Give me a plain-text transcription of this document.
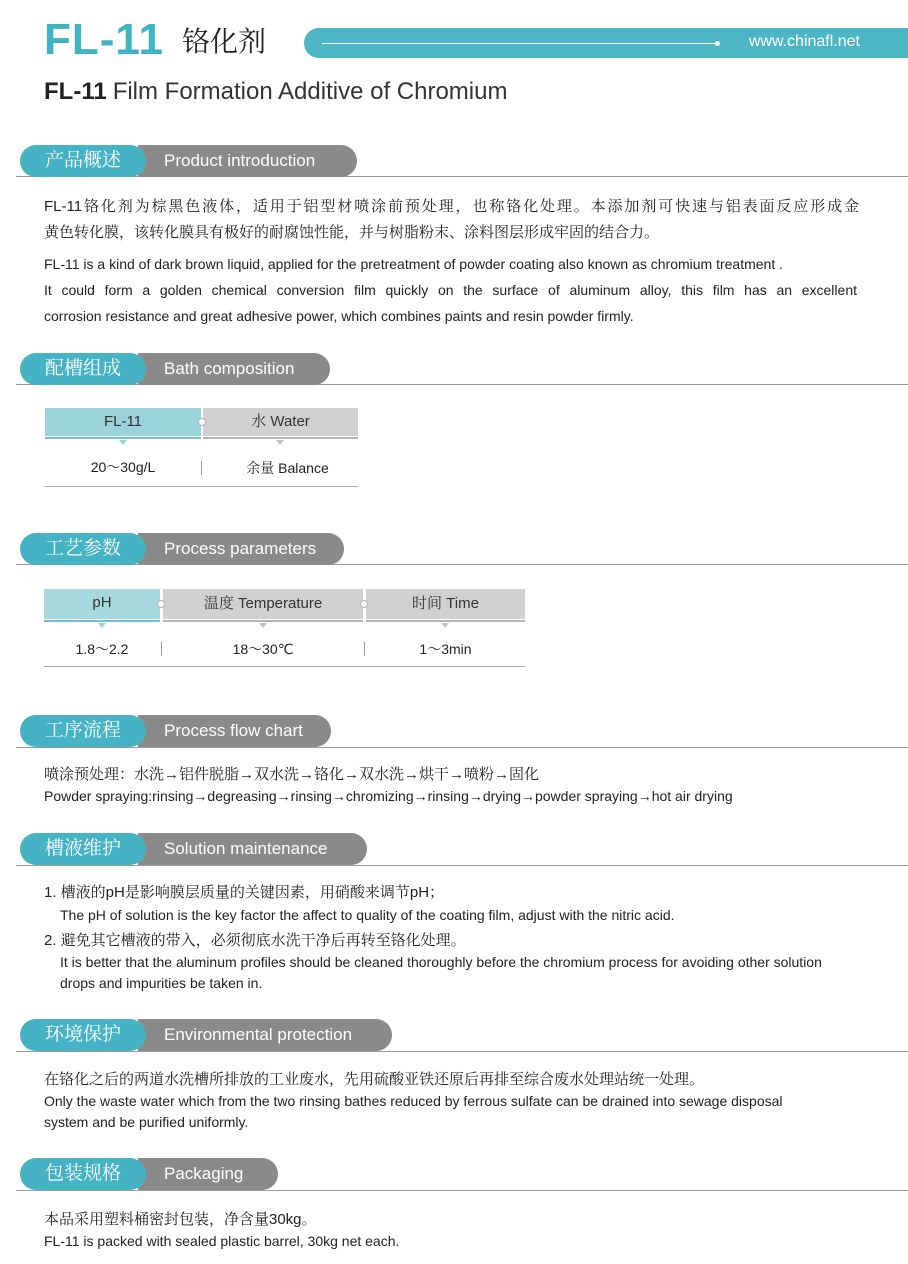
FL-11 铬化剂	www.chinafl.net
FL-11 Film Formation Additive of Chromium
产品概述	Product introduction
FL-11铬化剂为棕黑色液体，适用于铝型材喷涂前预处理，也称铬化处理。本添加剂可快速与铝表面反应形成金
黄色转化膜，该转化膜具有极好的耐腐蚀性能，并与树脂粉末、涂料图层形成牢固的结合力。
FL-11 is a kind of dark brown liquid, applied for the pretreatment of powder coating also known as chromium treatment .
It could form a golden chemical conversion film quickly on the surface of aluminum alloy, this film has an excellent
corrosion resistance and great adhesive power, which combines paints and resin powder firmly.
配槽组成	Bath composition
FL-11	水 Water
20～30g/L	余量 Balance
工艺参数	Process parameters
pH	温度 Temperature	时间 Time
1.8～2.2	18～30℃	1～3min
工序流程	Process flow chart
喷涂预处理：水洗→铝件脱脂→双水洗→铬化→双水洗→烘干→喷粉→固化
Powder spraying:rinsing→degreasing→rinsing→chromizing→rinsing→drying→powder spraying→hot air drying
槽液维护	Solution maintenance
1. 槽液的pH是影响膜层质量的关键因素，用硝酸来调节pH；
The pH of solution is the key factor the affect to quality of the coating film, adjust with the nitric acid.
2. 避免其它槽液的带入，必须彻底水洗干净后再转至铬化处理。
It is better that the aluminum profiles should be cleaned thoroughly before the chromium process for avoiding other solution
drops and impurities be taken in.
环境保护	Environmental protection
在铬化之后的两道水洗槽所排放的工业废水，先用硫酸亚铁还原后再排至综合废水处理站统一处理。
Only the waste water which from the two rinsing bathes reduced by ferrous sulfate can be drained into sewage disposal
system and be purified uniformly.
包装规格	Packaging
本品采用塑料桶密封包装，净含量30kg。
FL-11 is packed with sealed plastic barrel, 30kg net each.
